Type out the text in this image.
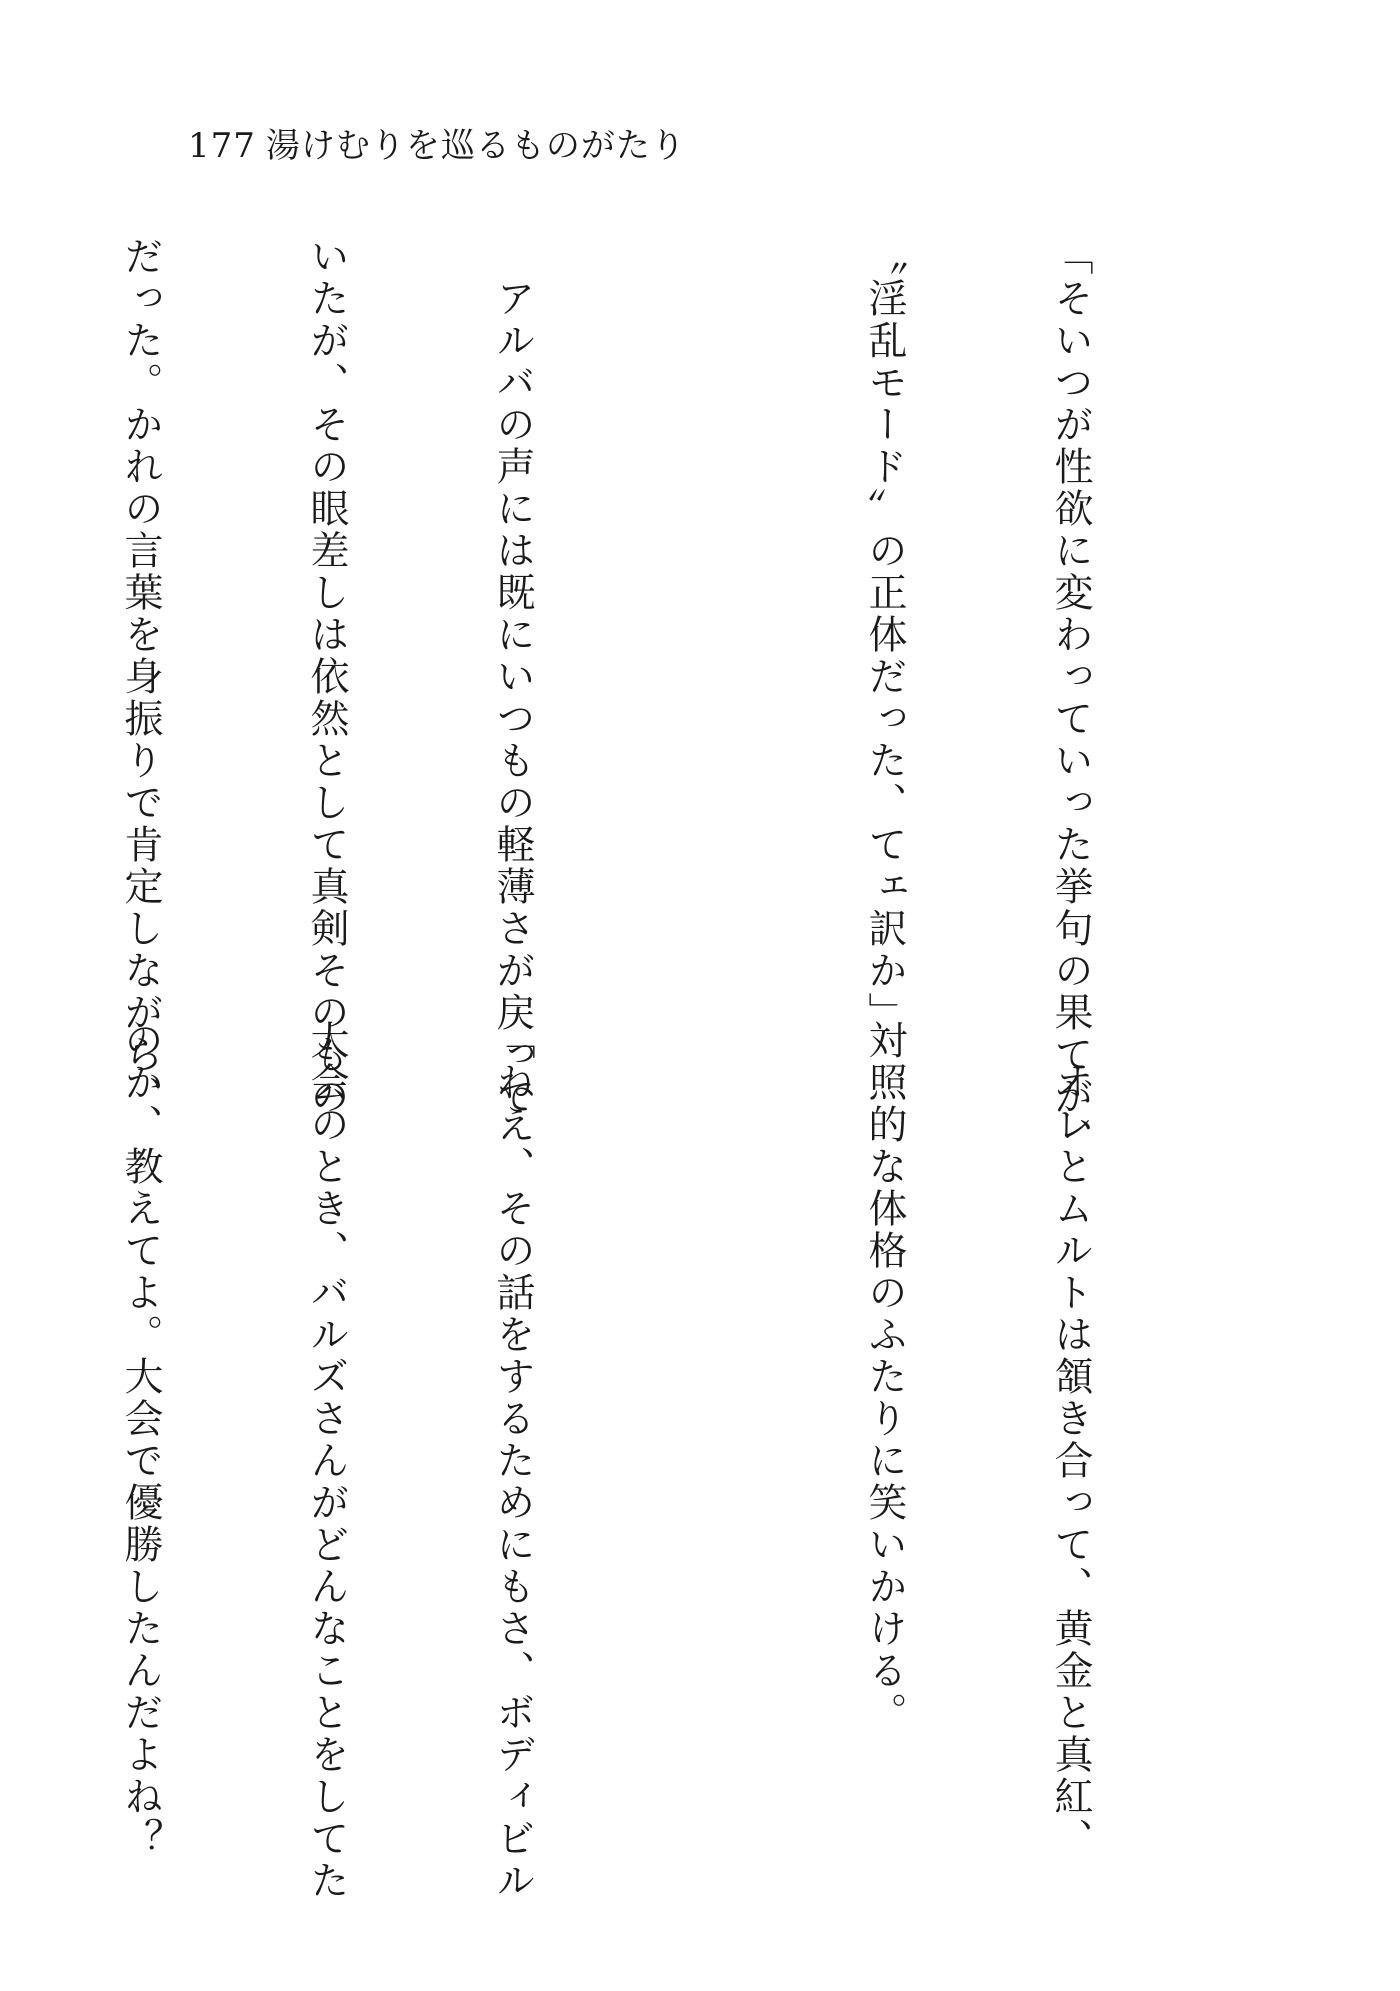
177 湯けむりを巡るものがたり

「そいつが性欲に変わっていった挙句の果てが、

〝淫乱モード〟の正体だった、てェ訳か」

　アルバの声には既にいつもの軽薄さが戻って

いたが、その眼差しは依然として真剣そのもの

だった。かれの言葉を身振りで肯定しながら、

　オレとムルトは頷き合って、黄金と真紅、

対照的な体格のふたりに笑いかける。

「ねえ、その話をするためにもさ、ボディビル

大会のとき、バルズさんがどんなことをしてた

のか、教えてよ。大会で優勝したんだよね？
